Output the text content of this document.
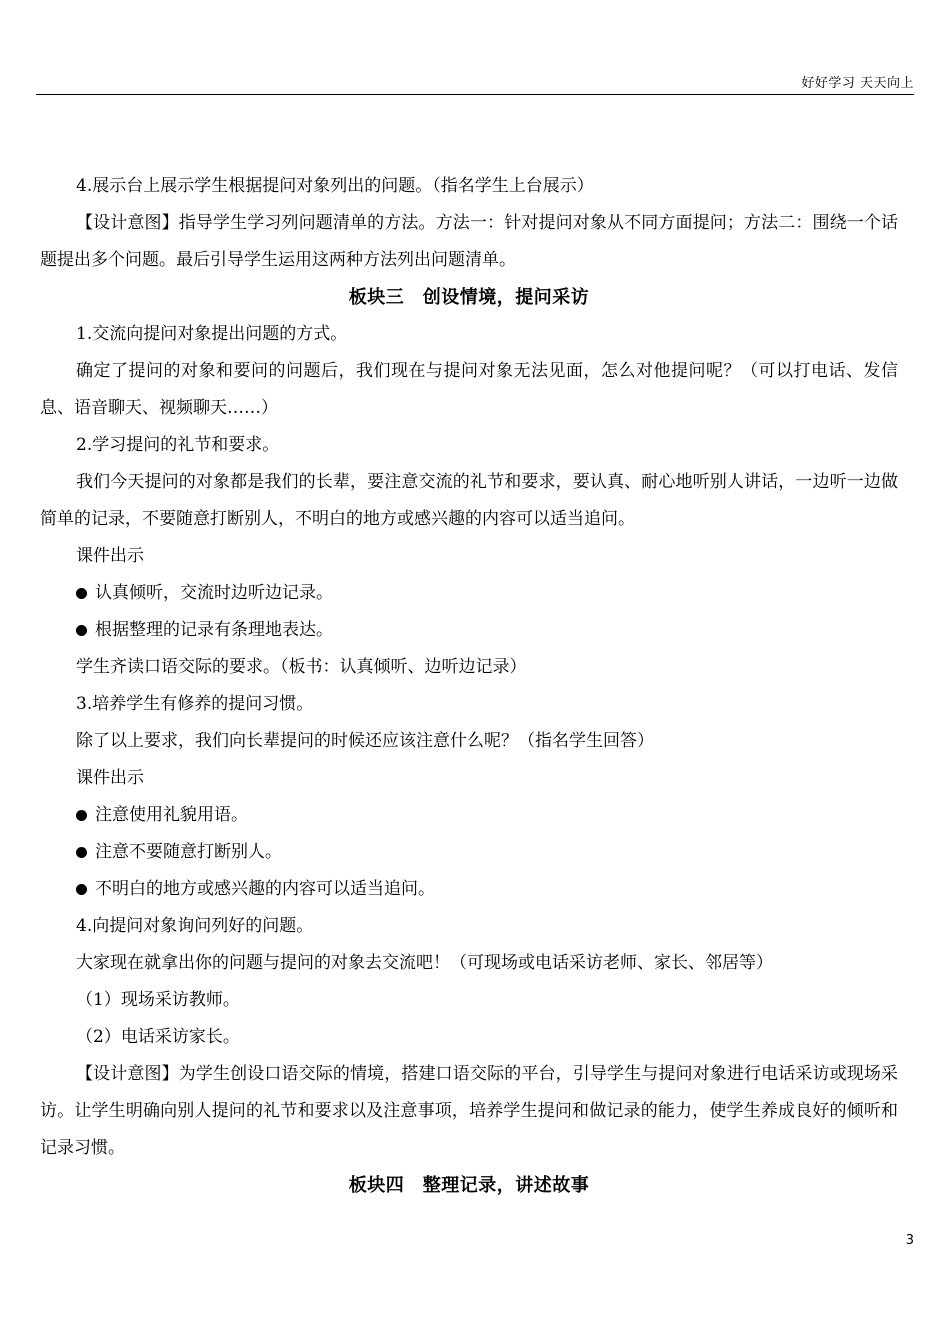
好好学习 天天向上

4.展示台上展示学生根据提问对象列出的问题。（指名学生上台展示）

【设计意图】指导学生学习列问题清单的方法。方法一：针对提问对象从不同方面提问；方法二：围绕一个话题提出多个问题。最后引导学生运用这两种方法列出问题清单。

板块三　创设情境，提问采访

1.交流向提问对象提出问题的方式。

确定了提问的对象和要问的问题后，我们现在与提问对象无法见面，怎么对他提问呢？（可以打电话、发信息、语音聊天、视频聊天……）

2.学习提问的礼节和要求。

我们今天提问的对象都是我们的长辈，要注意交流的礼节和要求，要认真、耐心地听别人讲话，一边听一边做简单的记录，不要随意打断别人，不明白的地方或感兴趣的内容可以适当追问。

课件出示

认真倾听，交流时边听边记录。

根据整理的记录有条理地表达。

学生齐读口语交际的要求。（板书：认真倾听、边听边记录）

3.培养学生有修养的提问习惯。

除了以上要求，我们向长辈提问的时候还应该注意什么呢？（指名学生回答）

课件出示

注意使用礼貌用语。

注意不要随意打断别人。

不明白的地方或感兴趣的内容可以适当追问。

4.向提问对象询问列好的问题。

大家现在就拿出你的问题与提问的对象去交流吧！（可现场或电话采访老师、家长、邻居等）

（1）现场采访教师。

（2）电话采访家长。

【设计意图】为学生创设口语交际的情境，搭建口语交际的平台，引导学生与提问对象进行电话采访或现场采访。让学生明确向别人提问的礼节和要求以及注意事项，培养学生提问和做记录的能力，使学生养成良好的倾听和记录习惯。

板块四　整理记录，讲述故事

3
